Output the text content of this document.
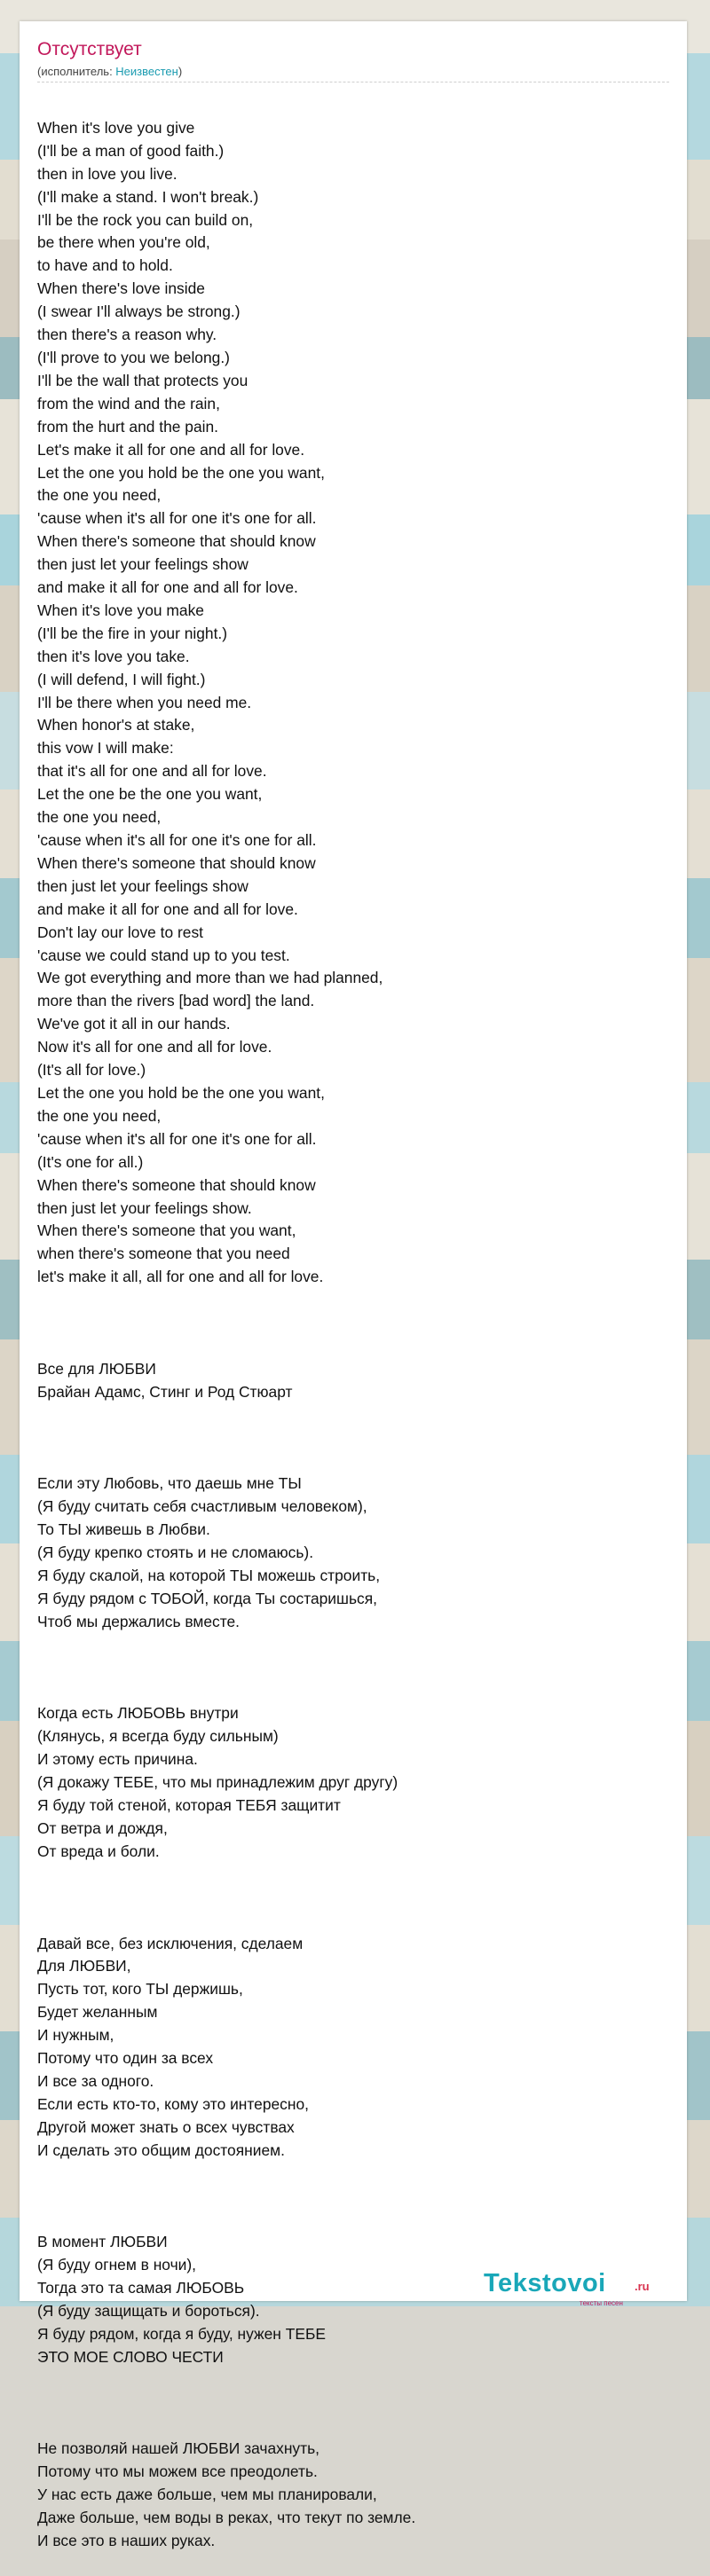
Отсутствует
(исполнитель: Неизвестен)

When it's love you give
(I'll be a man of good faith.)
then in love you live.
(I'll make a stand. I won't break.)
I'll be the rock you can build on,
be there when you're old,
to have and to hold.
When there's love inside
(I swear I'll always be strong.)
then there's a reason why.
(I'll prove to you we belong.)
I'll be the wall that protects you
from the wind and the rain,
from the hurt and the pain.
Let's make it all for one and all for love.
Let the one you hold be the one you want,
the one you need,
'cause when it's all for one it's one for all.
When there's someone that should know
then just let your feelings show
and make it all for one and all for love.
When it's love you make
(I'll be the fire in your night.)
then it's love you take.
(I will defend, I will fight.)
I'll be there when you need me.
When honor's at stake,
this vow I will make:
that it's all for one and all for love.
Let the one be the one you want,
the one you need,
'cause when it's all for one it's one for all.
When there's someone that should know
then just let your feelings show
and make it all for one and all for love.
Don't lay our love to rest
'cause we could stand up to you test.
We got everything and more than we had planned,
more than the rivers [bad word] the land.
We've got it all in our hands.
Now it's all for one and all for love.
(It's all for love.)
Let the one you hold be the one you want,
the one you need,
'cause when it's all for one it's one for all.
(It's one for all.)
When there's someone that should know
then just let your feelings show.
When there's someone that you want,
when there's someone that you need
let's make it all, all for one and all for love.

Все для ЛЮБВИ
Брайан Адамс, Стинг и Род Стюарт

Если эту Любовь, что даешь мне ТЫ
(Я буду считать себя счастливым человеком),
То ТЫ живешь в Любви.
(Я буду крепко стоять и не сломаюсь).
Я буду скалой, на которой ТЫ можешь строить,
Я буду рядом с ТОБОЙ, когда Ты состаришься,
Чтоб мы держались вместе.

Когда есть ЛЮБОВЬ внутри
(Клянусь, я всегда буду сильным)
И этому есть причина.
(Я докажу ТЕБЕ, что мы принадлежим друг другу)
Я буду той стеной, которая ТЕБЯ защитит
От ветра и дождя,
От вреда и боли.

Давай все, без исключения, сделаем
Для ЛЮБВИ,
Пусть тот, кого ТЫ держишь,
Будет желанным
И нужным,
Потому что один за всех
И все за одного.
Если есть кто-то, кому это интересно,
Другой может знать о всех чувствах
И сделать это общим достоянием.

В момент ЛЮБВИ
(Я буду огнем в ночи),
Тогда это та самая ЛЮБОВЬ
(Я буду защищать и бороться).
Я буду рядом, когда я буду, нужен ТЕБЕ
ЭТО МОЕ СЛОВО ЧЕСТИ

Не позволяй нашей ЛЮБВИ зачахнуть,
Потому что мы можем все преодолеть.
У нас есть даже больше, чем мы планировали,
Даже больше, чем воды в реках, что текут по земле.
И все это в наших руках.

Tekstovoi .ru
тексты песен
